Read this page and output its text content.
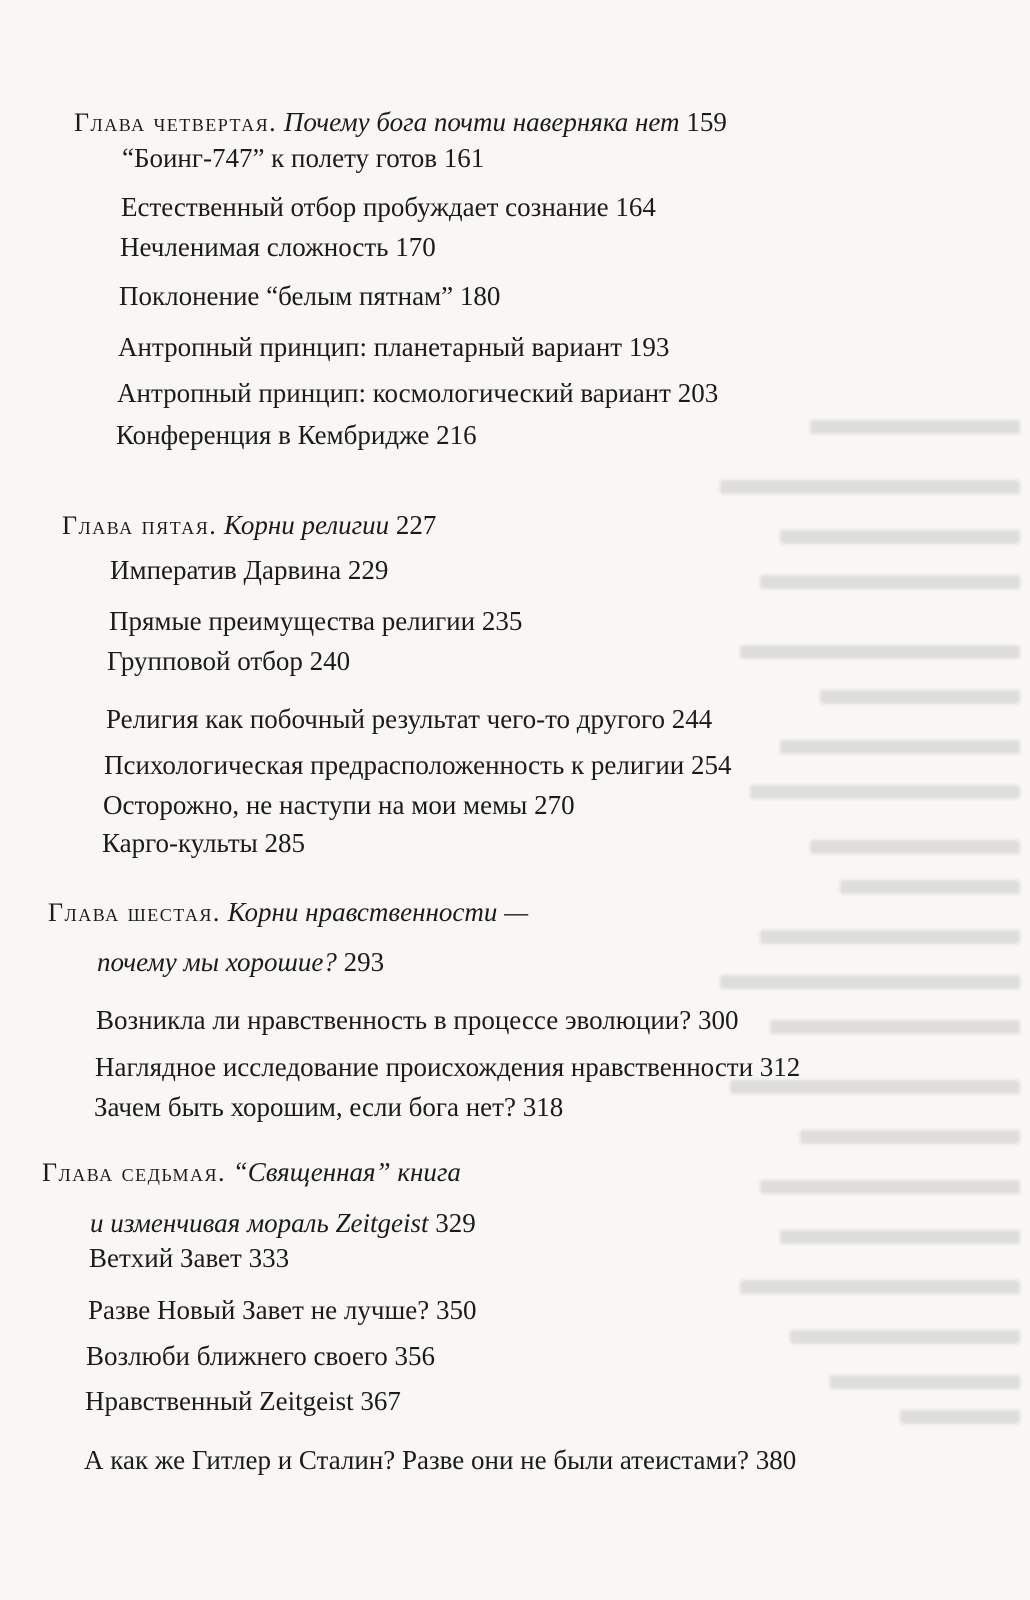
Глава четвертая. Почему бога почти наверняка нет 159
“Боинг-747” к полету готов 161
Естественный отбор пробуждает сознание 164
Нечленимая сложность 170
Поклонение “белым пятнам” 180
Антропный принцип: планетарный вариант 193
Антропный принцип: космологический вариант 203
Конференция в Кембридже 216
Глава пятая. Корни религии 227
Императив Дарвина 229
Прямые преимущества религии 235
Групповой отбор 240
Религия как побочный результат чего-то другого 244
Психологическая предрасположенность к религии 254
Осторожно, не наступи на мои мемы 270
Карго-культы 285
Глава шестая. Корни нравственности —
почему мы хорошие? 293
Возникла ли нравственность в процессе эволюции? 300
Наглядное исследование происхождения нравственности 312
Зачем быть хорошим, если бога нет? 318
Глава седьмая. “Священная” книга
и изменчивая мораль Zeitgeist 329
Ветхий Завет 333
Разве Новый Завет не лучше? 350
Возлюби ближнего своего 356
Нравственный Zeitgeist 367
А как же Гитлер и Сталин? Разве они не были атеистами? 380
